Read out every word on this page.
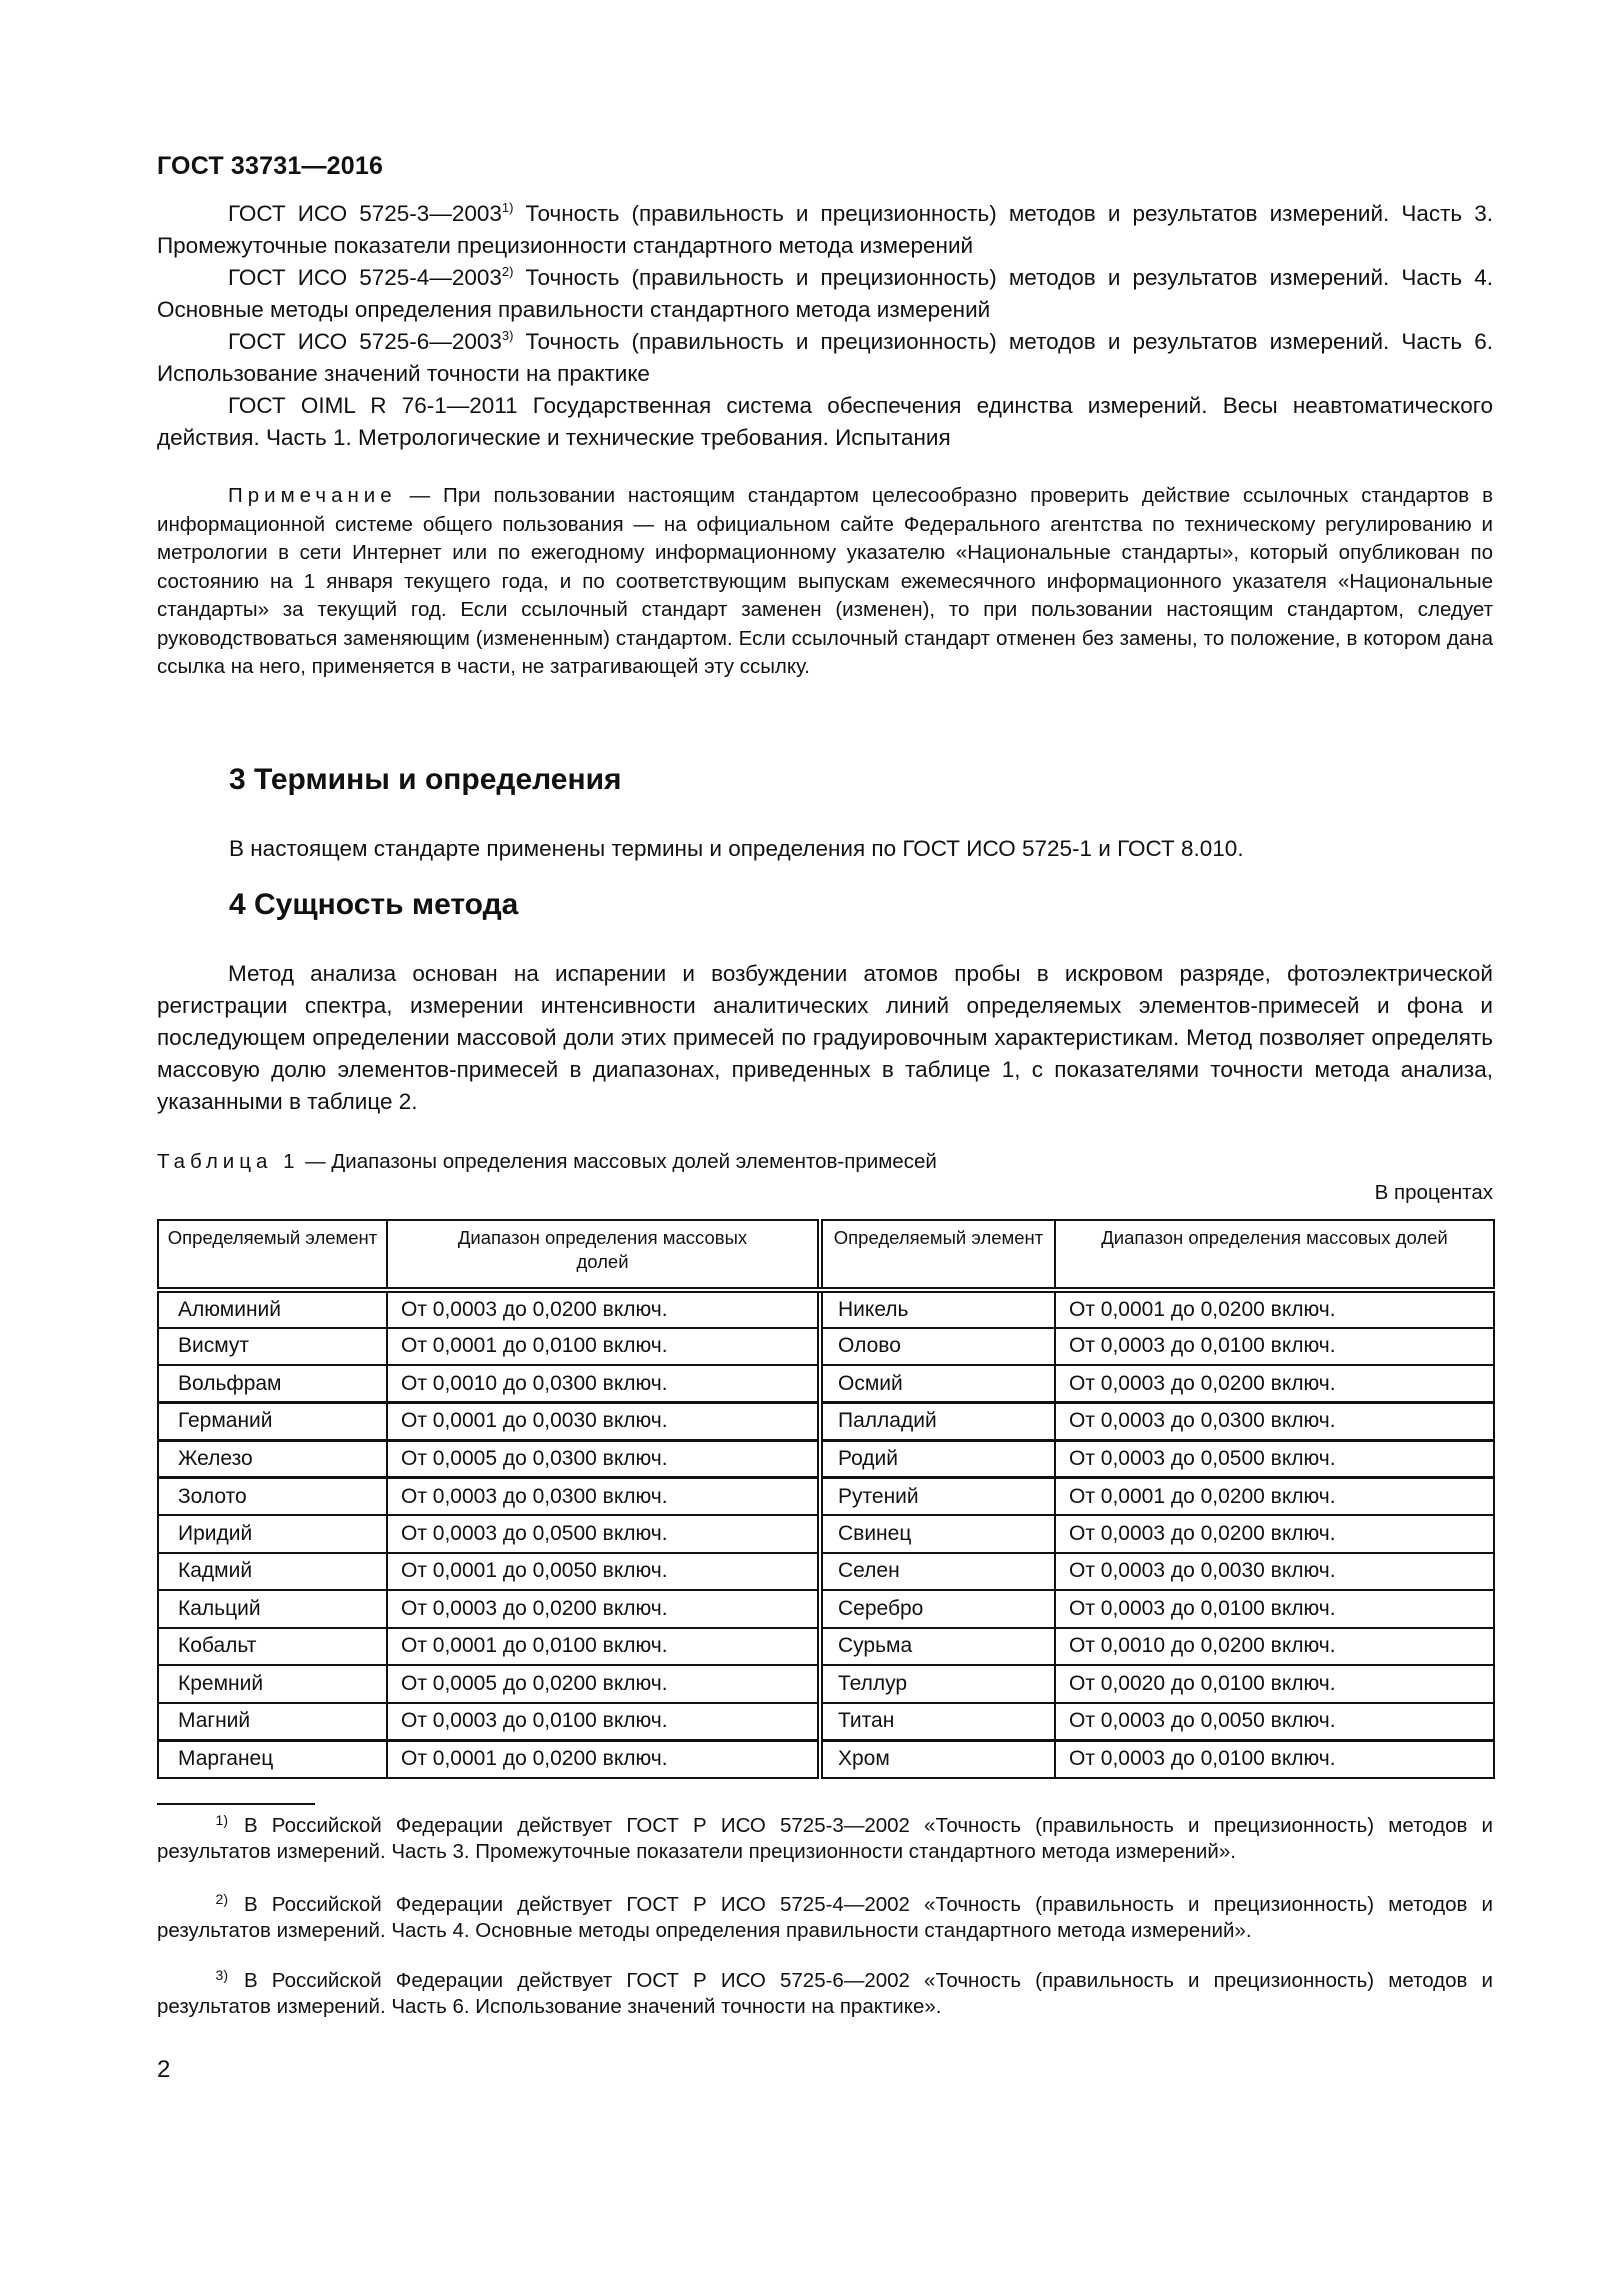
ГОСТ 33731—2016
ГОСТ ИСО 5725-3—2003$^{1)}$ Точность (правильность и прецизионность) методов и результатов измерений. Часть 3. Промежуточные показатели прецизионности стандартного метода измерений
ГОСТ ИСО 5725-4—2003$^{2)}$ Точность (правильность и прецизионность) методов и результатов измерений. Часть 4. Основные методы определения правильности стандартного метода измерений
ГОСТ ИСО 5725-6—2003$^{3)}$ Точность (правильность и прецизионность) методов и результатов измерений. Часть 6. Использование значений точности на практике
ГОСТ OIML R 76-1—2011 Государственная система обеспечения единства измерений. Весы неавтоматического действия. Часть 1. Метрологические и технические требования. Испытания
Примечание — При пользовании настоящим стандартом целесообразно проверить действие ссылочных стандартов в информационной системе общего пользования — на официальном сайте Федерального агентства по техническому регулированию и метрологии в сети Интернет или по ежегодному информационному указателю «Национальные стандарты», который опубликован по состоянию на 1 января текущего года, и по соответствующим выпускам ежемесячного информационного указателя «Национальные стандарты» за текущий год. Если ссылочный стандарт заменен (изменен), то при пользовании настоящим стандартом, следует руководствоваться заменяющим (измененным) стандартом. Если ссылочный стандарт отменен без замены, то положение, в котором дана ссылка на него, применяется в части, не затрагивающей эту ссылку.
3 Термины и определения
В настоящем стандарте применены термины и определения по ГОСТ ИСО 5725-1 и ГОСТ 8.010.
4 Сущность метода
Метод анализа основан на испарении и возбуждении атомов пробы в искровом разряде, фотоэлектрической регистрации спектра, измерении интенсивности аналитических линий определяемых элементов-примесей и фона и последующем определении массовой доли этих примесей по градуировочным характеристикам. Метод позволяет определять массовую долю элементов-примесей в диапазонах, приведенных в таблице 1, с показателями точности метода анализа, указанными в таблице 2.
Таблица 1 — Диапазоны определения массовых долей элементов-примесей
В процентах
Определяемый элемент	Диапазон определения массовых долей	Определяемый элемент	Диапазон определения массовых долей
Алюминий	От 0,0003 до 0,0200 включ.	Никель	От 0,0001 до 0,0200 включ.
Висмут	От 0,0001 до 0,0100 включ.	Олово	От 0,0003 до 0,0100 включ.
Вольфрам	От 0,0010 до 0,0300 включ.	Осмий	От 0,0003 до 0,0200 включ.
Германий	От 0,0001 до 0,0030 включ.	Палладий	От 0,0003 до 0,0300 включ.
Железо	От 0,0005 до 0,0300 включ.	Родий	От 0,0003 до 0,0500 включ.
Золото	От 0,0003 до 0,0300 включ.	Рутений	От 0,0001 до 0,0200 включ.
Иридий	От 0,0003 до 0,0500 включ.	Свинец	От 0,0003 до 0,0200 включ.
Кадмий	От 0,0001 до 0,0050 включ.	Селен	От 0,0003 до 0,0030 включ.
Кальций	От 0,0003 до 0,0200 включ.	Серебро	От 0,0003 до 0,0100 включ.
Кобальт	От 0,0001 до 0,0100 включ.	Сурьма	От 0,0010 до 0,0200 включ.
Кремний	От 0,0005 до 0,0200 включ.	Теллур	От 0,0020 до 0,0100 включ.
Магний	От 0,0003 до 0,0100 включ.	Титан	От 0,0003 до 0,0050 включ.
Марганец	От 0,0001 до 0,0200 включ.	Хром	От 0,0003 до 0,0100 включ.
1) В Российской Федерации действует ГОСТ Р ИСО 5725-3—2002 «Точность (правильность и прецизионность) методов и результатов измерений. Часть 3. Промежуточные показатели прецизионности стандартного метода измерений».
2) В Российской Федерации действует ГОСТ Р ИСО 5725-4—2002 «Точность (правильность и прецизионность) методов и результатов измерений. Часть 4. Основные методы определения правильности стандартного метода измерений».
3) В Российской Федерации действует ГОСТ Р ИСО 5725-6—2002 «Точность (правильность и прецизионность) методов и результатов измерений. Часть 6. Использование значений точности на практике».
2
